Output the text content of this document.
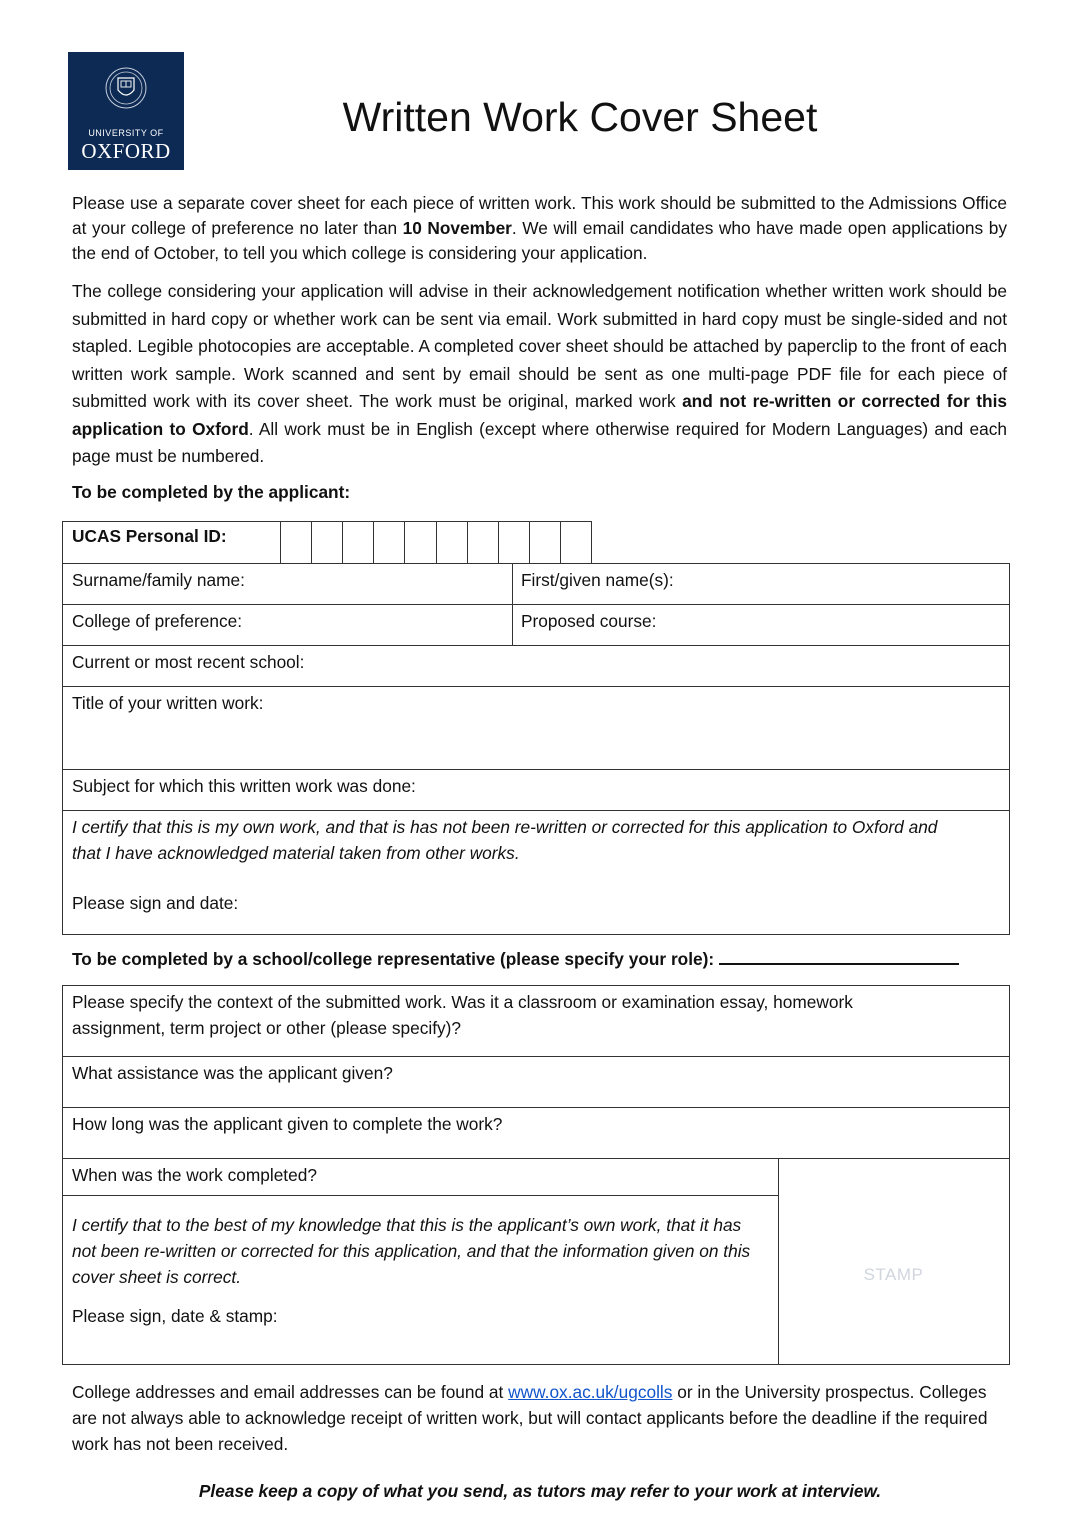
UNIVERSITY OF
OXFORD
Written Work Cover Sheet

Please use a separate cover sheet for each piece of written work. This work should be submitted to the Admissions Office at your college of preference no later than 10 November. We will email candidates who have made open applications by the end of October, to tell you which college is considering your application.

The college considering your application will advise in their acknowledgement notification whether written work should be submitted in hard copy or whether work can be sent via email. Work submitted in hard copy must be single-sided and not stapled. Legible photocopies are acceptable. A completed cover sheet should be attached by paperclip to the front of each written work sample. Work scanned and sent by email should be sent as one multi-page PDF file for each piece of submitted work with its cover sheet. The work must be original, marked work and not re-written or corrected for this application to Oxford. All work must be in English (except where otherwise required for Modern Languages) and each page must be numbered.

To be completed by the applicant:

UCAS Personal ID:
Surname/family name:	First/given name(s):
College of preference:	Proposed course:
Current or most recent school:
Title of your written work:
Subject for which this written work was done:
I certify that this is my own work, and that is has not been re-written or corrected for this application to Oxford and that I have acknowledged material taken from other works.
Please sign and date:

To be completed by a school/college representative (please specify your role):

Please specify the context of the submitted work. Was it a classroom or examination essay, homework assignment, term project or other (please specify)?
What assistance was the applicant given?
How long was the applicant given to complete the work?
When was the work completed?
I certify that to the best of my knowledge that this is the applicant’s own work, that it has not been re-written or corrected for this application, and that the information given on this cover sheet is correct.
Please sign, date & stamp:
STAMP

College addresses and email addresses can be found at www.ox.ac.uk/ugcolls or in the University prospectus. Colleges are not always able to acknowledge receipt of written work, but will contact applicants before the deadline if the required work has not been received.

Please keep a copy of what you send, as tutors may refer to your work at interview.
